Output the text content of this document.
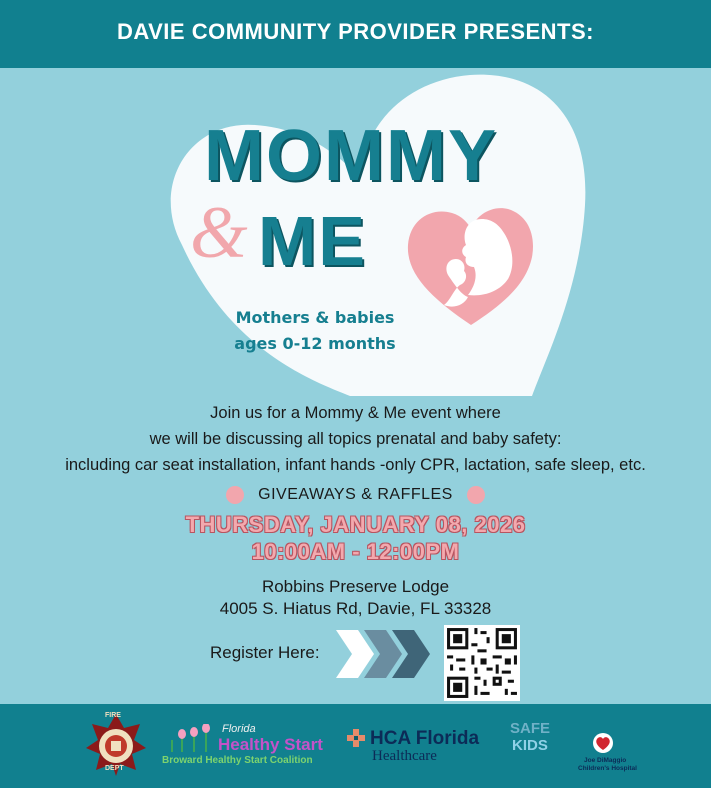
DAVIE COMMUNITY PROVIDER PRESENTS:
MOMMY
& ME
Mothers & babies
ages 0-12 months
Join us for a Mommy & Me event where
we will be discussing all topics prenatal and baby safety:
including car seat installation, infant hands -only CPR, lactation, safe sleep, etc.
GIVEAWAYS & RAFFLES
THURSDAY, JANUARY 08, 2026
10:00AM - 12:00PM
Robbins Preserve Lodge
4005 S. Hiatus Rd, Davie, FL 33328
Register Here:
FIRE
DEPT
Florida
Healthy Start
Broward Healthy Start Coalition
HCA Florida
Healthcare
SAFE
KIDS
Joe DiMaggio
Children's Hospital
